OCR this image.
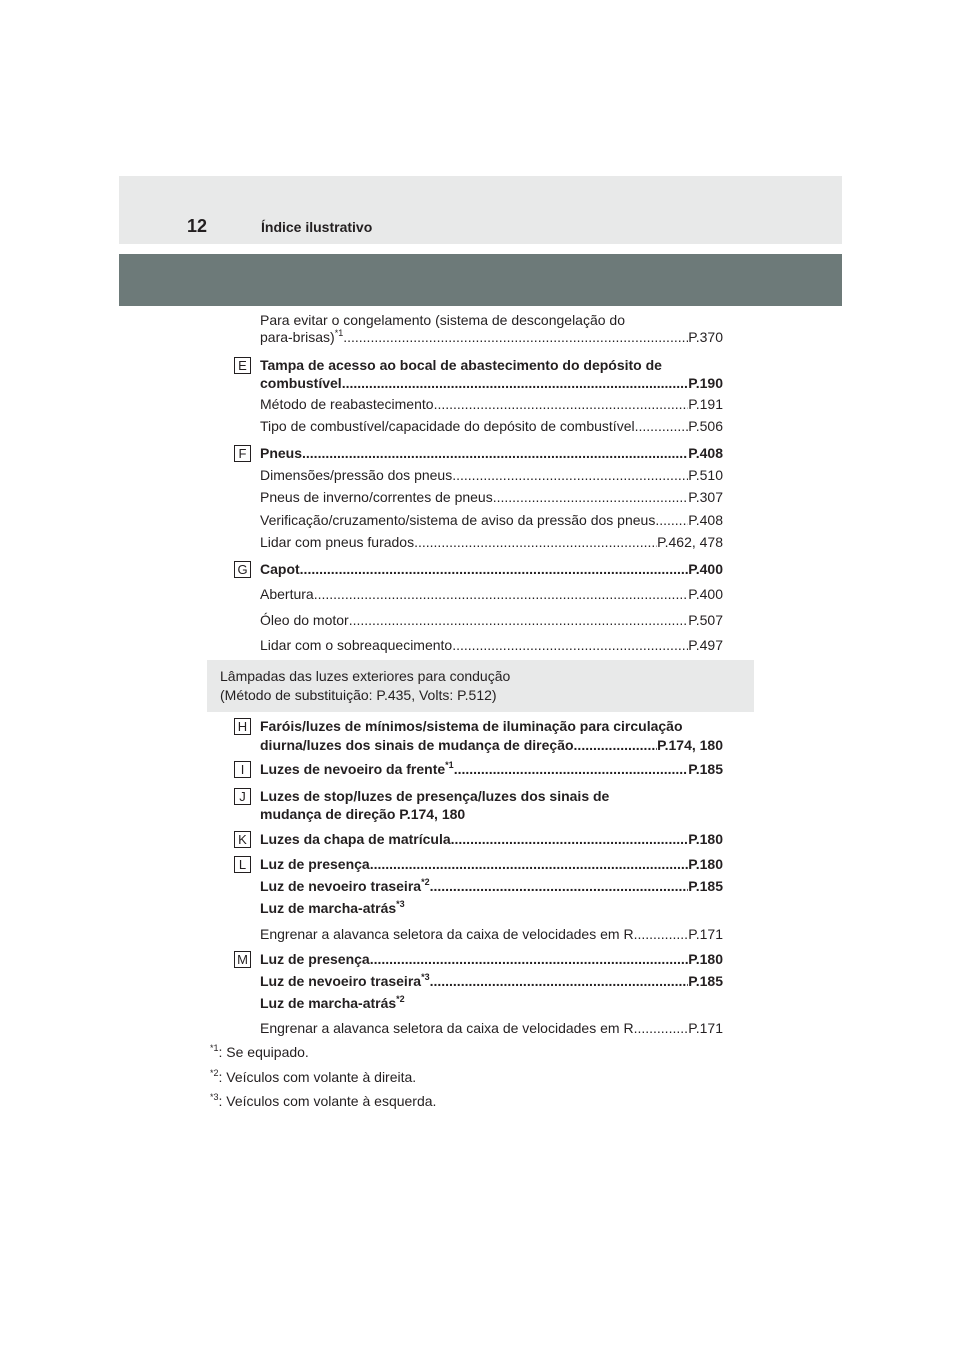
12	Índice ilustrativo
Para evitar o congelamento (sistema de descongelação do
para-brisas)$^{*1}$ .....	P.370
E Tampa de acesso ao bocal de abastecimento do depósito de
combustível .....	P.190
Método de reabastecimento .....	P.191
Tipo de combustível/capacidade do depósito de combustível .....	P.506
F Pneus .....	P.408
Dimensões/pressão dos pneus .....	P.510
Pneus de inverno/correntes de pneus .....	P.307
Verificação/cruzamento/sistema de aviso da pressão dos pneus ..... P.408
Lidar com pneus furados .....	P.462, 478
G Capot .....	P.400
Abertura .....	P.400
Óleo do motor .....	P.507
Lidar com o sobreaquecimento .....	P.497
Lâmpadas das luzes exteriores para condução
(Método de substituição: P.435, Volts: P.512)
H Faróis/luzes de mínimos/sistema de iluminação para circulação
diurna/luzes dos sinais de mudança de direção .....	P.174, 180
I	Luzes de nevoeiro da frente$^{*1}$ .....	P.185
J	Luzes de stop/luzes de presença/luzes dos sinais de
mudança de direção P.174, 180
K Luzes da chapa de matrícula .....	P.180
L Luz de presença .....	P.180
Luz de nevoeiro traseira$^{*2}$ .....	P.185
Luz de marcha-atrás$^{*3}$
Engrenar a alavanca seletora da caixa de velocidades em R .....	P.171
M Luz de presença .....	P.180
Luz de nevoeiro traseira$^{*3}$ .....	P.185
Luz de marcha-atrás$^{*2}$
Engrenar a alavanca seletora da caixa de velocidades em R .....	P.171
$^{*1}$: Se equipado.
$^{*2}$: Veículos com volante à direita.
$^{*3}$: Veículos com volante à esquerda.
